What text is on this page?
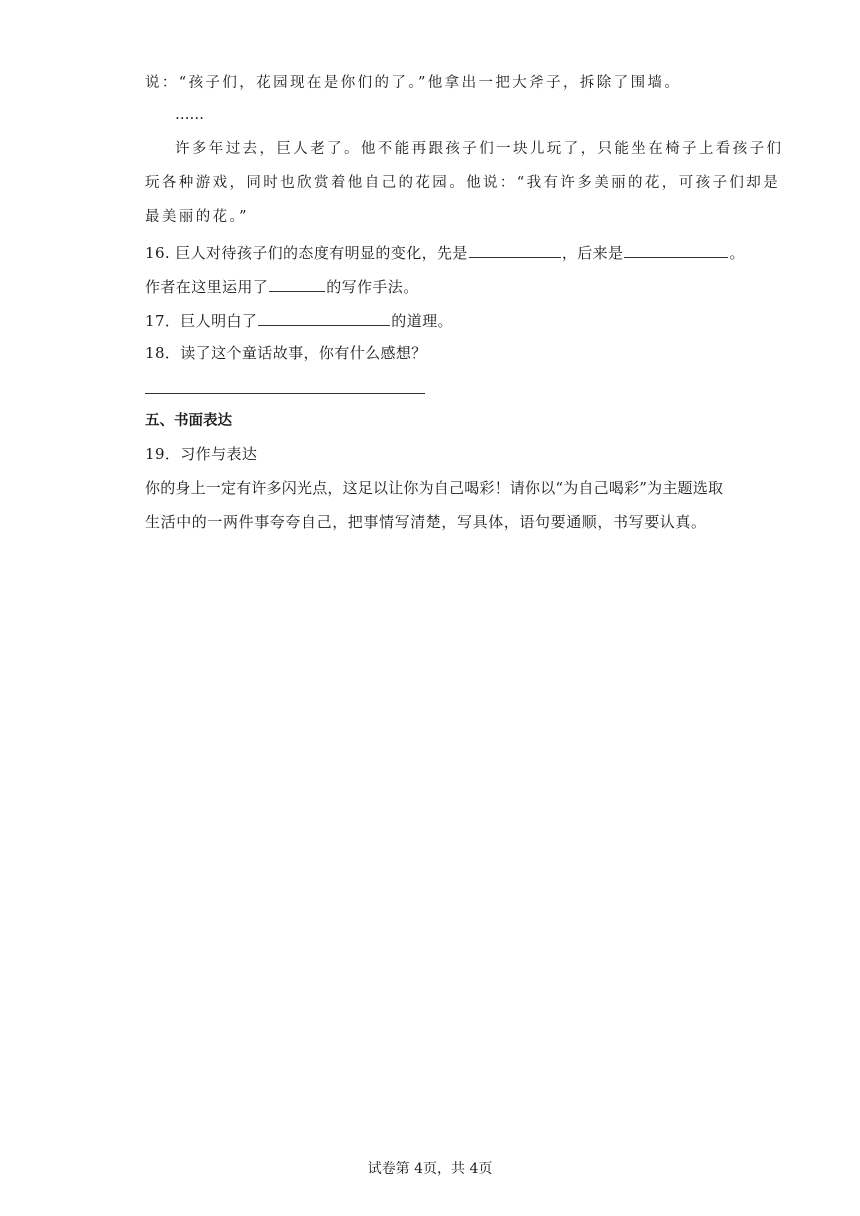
说：“孩子们，花园现在是你们的了。”他拿出一把大斧子，拆除了围墙。
……
许多年过去，巨人老了。他不能再跟孩子们一块儿玩了，只能坐在椅子上看孩子们
玩各种游戏，同时也欣赏着他自己的花园。他说：“我有许多美丽的花，可孩子们却是
最美丽的花。”
16. 巨人对待孩子们的态度有明显的变化，先是	，后来是	。
作者在这里运用了	的写作手法。
17．巨人明白了	的道理。
18．读了这个童话故事，你有什么感想？
五、书面表达
19．习作与表达
你的身上一定有许多闪光点，这足以让你为自己喝彩！请你以“为自己喝彩”为主题选取
生活中的一两件事夸夸自己，把事情写清楚，写具体，语句要通顺，书写要认真。
试卷第 4页，共 4页
